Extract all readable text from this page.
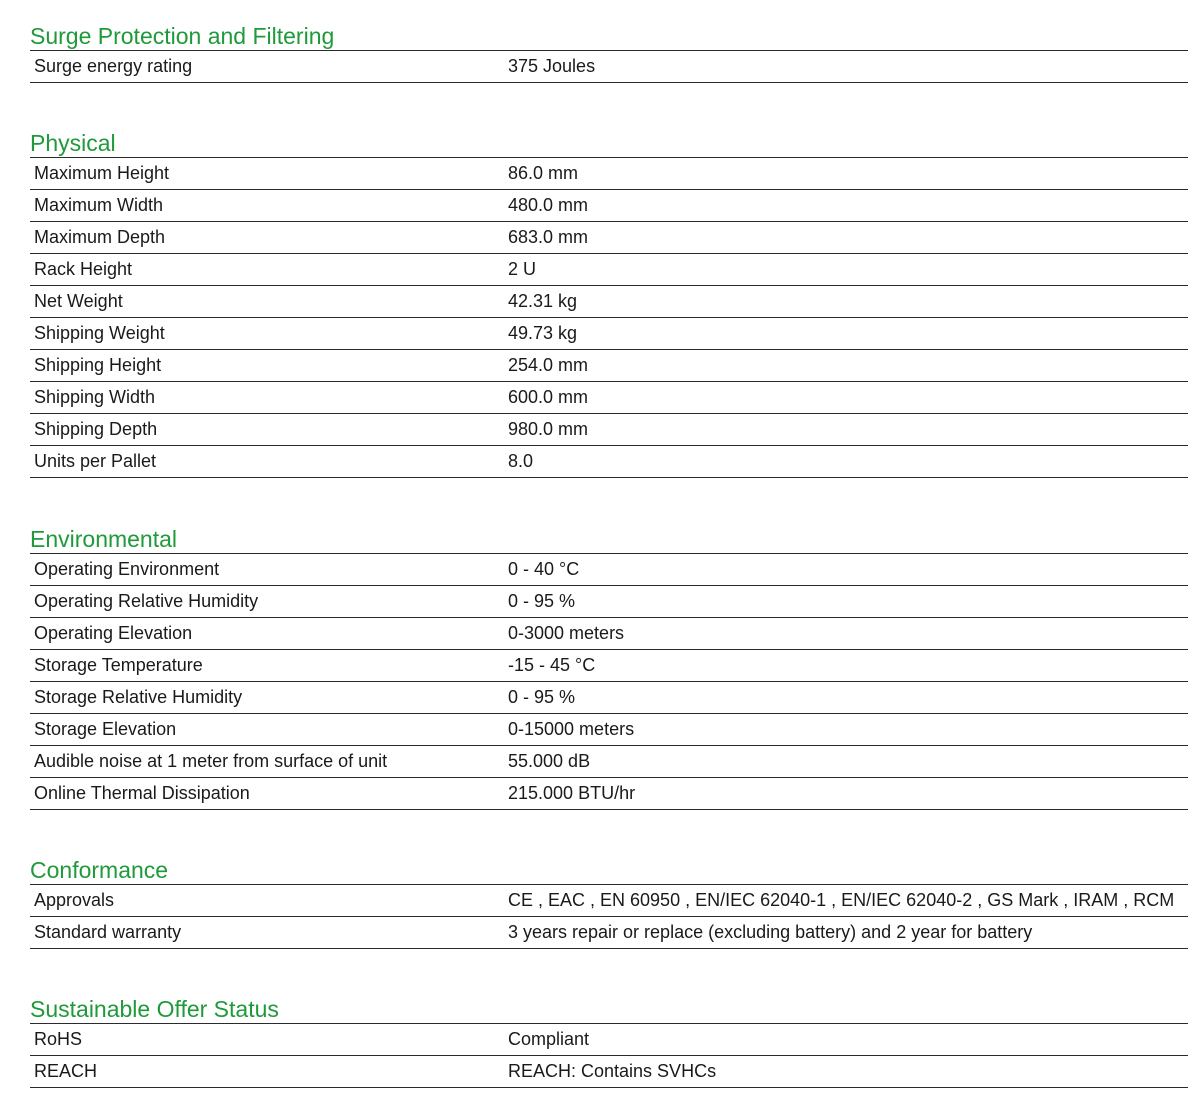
Surge Protection and Filtering
Surge energy rating	375 Joules
Physical
Maximum Height	86.0 mm
Maximum Width	480.0 mm
Maximum Depth	683.0 mm
Rack Height	2 U
Net Weight	42.31 kg
Shipping Weight	49.73 kg
Shipping Height	254.0 mm
Shipping Width	600.0 mm
Shipping Depth	980.0 mm
Units per Pallet	8.0
Environmental
Operating Environment	0 - 40 °C
Operating Relative Humidity	0 - 95 %
Operating Elevation	0-3000 meters
Storage Temperature	-15 - 45 °C
Storage Relative Humidity	0 - 95 %
Storage Elevation	0-15000 meters
Audible noise at 1 meter from surface of unit	55.000 dB
Online Thermal Dissipation	215.000 BTU/hr
Conformance
Approvals	CE , EAC , EN 60950 , EN/IEC 62040-1 , EN/IEC 62040-2 , GS Mark , IRAM , RCM
Standard warranty	3 years repair or replace (excluding battery) and 2 year for battery
Sustainable Offer Status
RoHS	Compliant
REACH	REACH: Contains SVHCs
